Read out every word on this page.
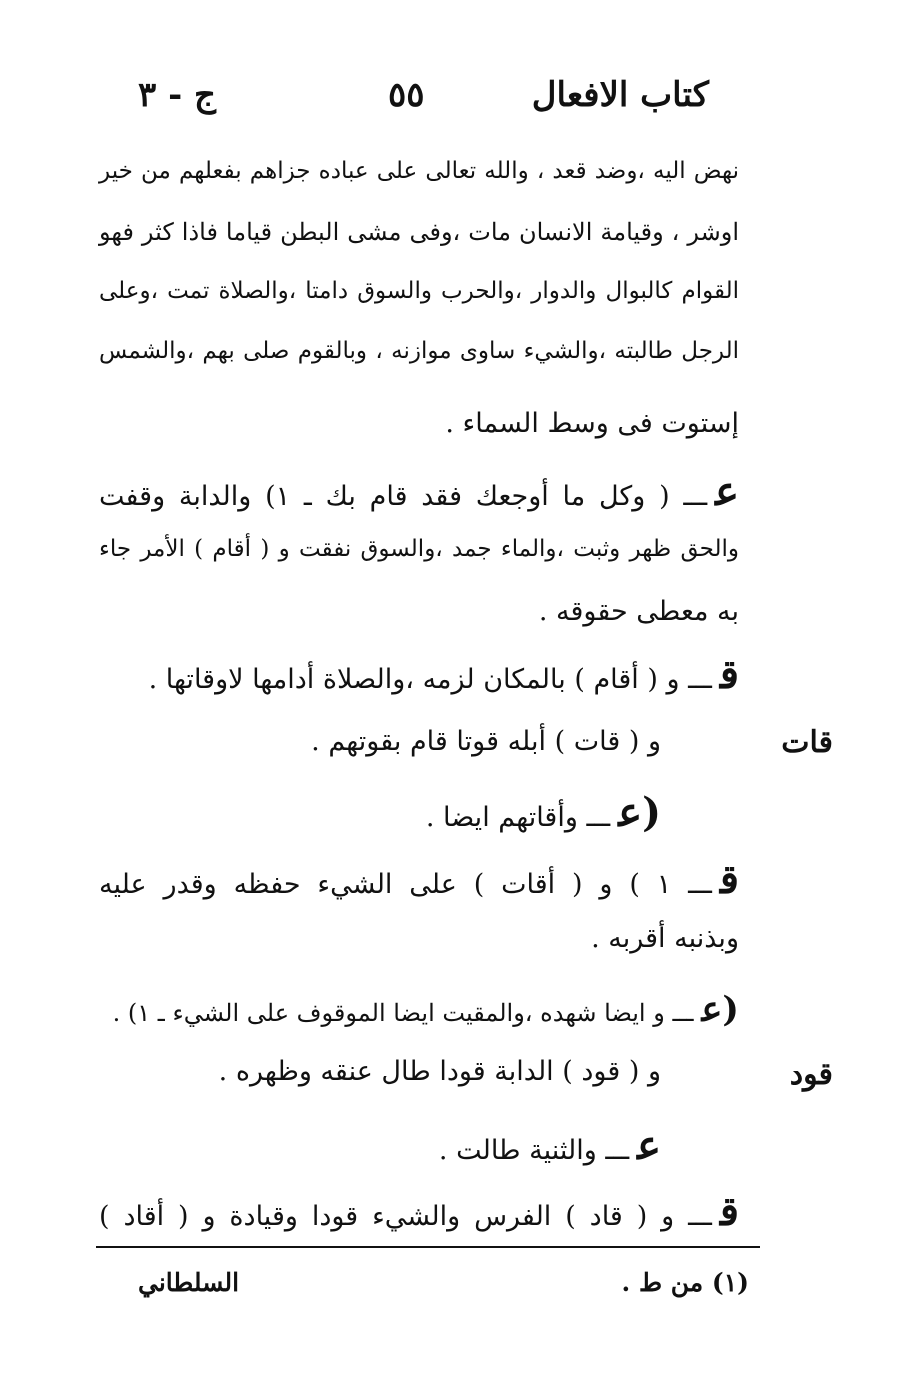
كتاب الافعال
٥٥
ج - ٣
نهض اليه ،وضد قعد ، والله تعالى على عباده جزاهم بفعلهم من خير
اوشر ، وقيامة الانسان مات ،وفى مشى البطن قياما فاذا كثر فهو
القوام كالبوال والدوار ،والحرب والسوق دامتا ،والصلاة تمت ،وعلى
الرجل طالبته ،والشيء ساوى موازنه ، وبالقوم صلى بهم ،والشمس
إستوت فى وسط السماء .
عـــ ( وكل ما أوجعك فقد قام بك ـ ١) والدابة وقفت
والحق ظهر وثبت ،والماء جمد ،والسوق نفقت و ( أقام ) الأمر جاء
به معطى حقوقه .
قـــ و ( أقام ) بالمكان لزمه ،والصلاة أدامها لاوقاتها .
و ( قات ) أبله قوتا قام بقوتهم .
(عـــ وأقاتهم ايضا .
قـــ ١ ) و ( أقات ) على الشيء حفظه وقدر عليه
وبذنبه أقربه .
(عـــ و ايضا شهده ،والمقيت ايضا الموقوف على الشيء ـ ١) .
و ( قود ) الدابة قودا طال عنقه وظهره .
عـــ والثنية طالت .
قـــ و ( قاد ) الفرس والشيء قودا وقيادة و ( أقاد )
قات
قود
(١) من ط .
السلطاني
